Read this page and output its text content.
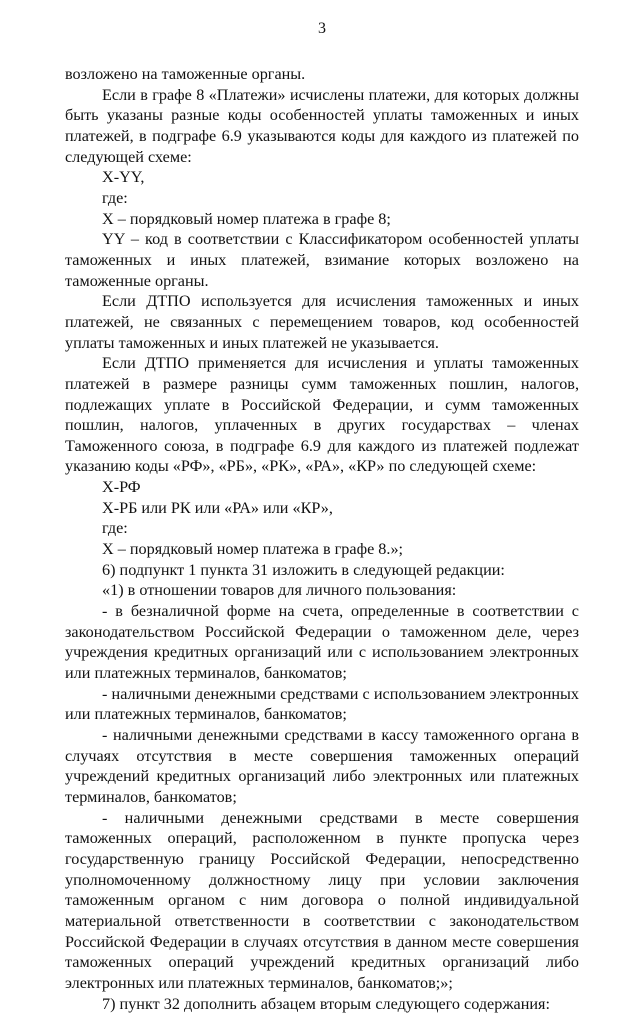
3

возложено на таможенные органы.

Если в графе 8 «Платежи» исчислены платежи, для которых должны быть указаны разные коды особенностей уплаты таможенных и иных платежей, в подграфе 6.9 указываются коды для каждого из платежей по следующей схеме:

X-YY,

где:

X – порядковый номер платежа в графе 8;

YY – код в соответствии с Классификатором особенностей уплаты таможенных и иных платежей, взимание которых возложено на таможенные органы.

Если ДТПО используется для исчисления таможенных и иных платежей, не связанных с перемещением товаров, код особенностей уплаты таможенных и иных платежей не указывается.

Если ДТПО применяется для исчисления и уплаты таможенных платежей в размере разницы сумм таможенных пошлин, налогов, подлежащих уплате в Российской Федерации, и сумм таможенных пошлин, налогов, уплаченных в других государствах – членах Таможенного союза, в подграфе 6.9 для каждого из платежей подлежат указанию коды «РФ», «РБ», «РК», «РА», «КР» по следующей схеме:

X-РФ

X-РБ или РК или «РА» или «КР»,

где:

X – порядковый номер платежа в графе 8.»;

6) подпункт 1 пункта 31 изложить в следующей редакции:

«1) в отношении товаров для личного пользования:

- в безналичной форме на счета, определенные в соответствии с законодательством Российской Федерации о таможенном деле, через учреждения кредитных организаций или с использованием электронных или платежных терминалов, банкоматов;

- наличными денежными средствами с использованием электронных или платежных терминалов, банкоматов;

- наличными денежными средствами в кассу таможенного органа в случаях отсутствия в месте совершения таможенных операций учреждений кредитных организаций либо электронных или платежных терминалов, банкоматов;

- наличными денежными средствами в месте совершения таможенных операций, расположенном в пункте пропуска через государственную границу Российской Федерации, непосредственно уполномоченному должностному лицу при условии заключения таможенным органом с ним договора о полной индивидуальной материальной ответственности в соответствии с законодательством Российской Федерации в случаях отсутствия в данном месте совершения таможенных операций учреждений кредитных организаций либо электронных или платежных терминалов, банкоматов;»;

7) пункт 32 дополнить абзацем вторым следующего содержания:
